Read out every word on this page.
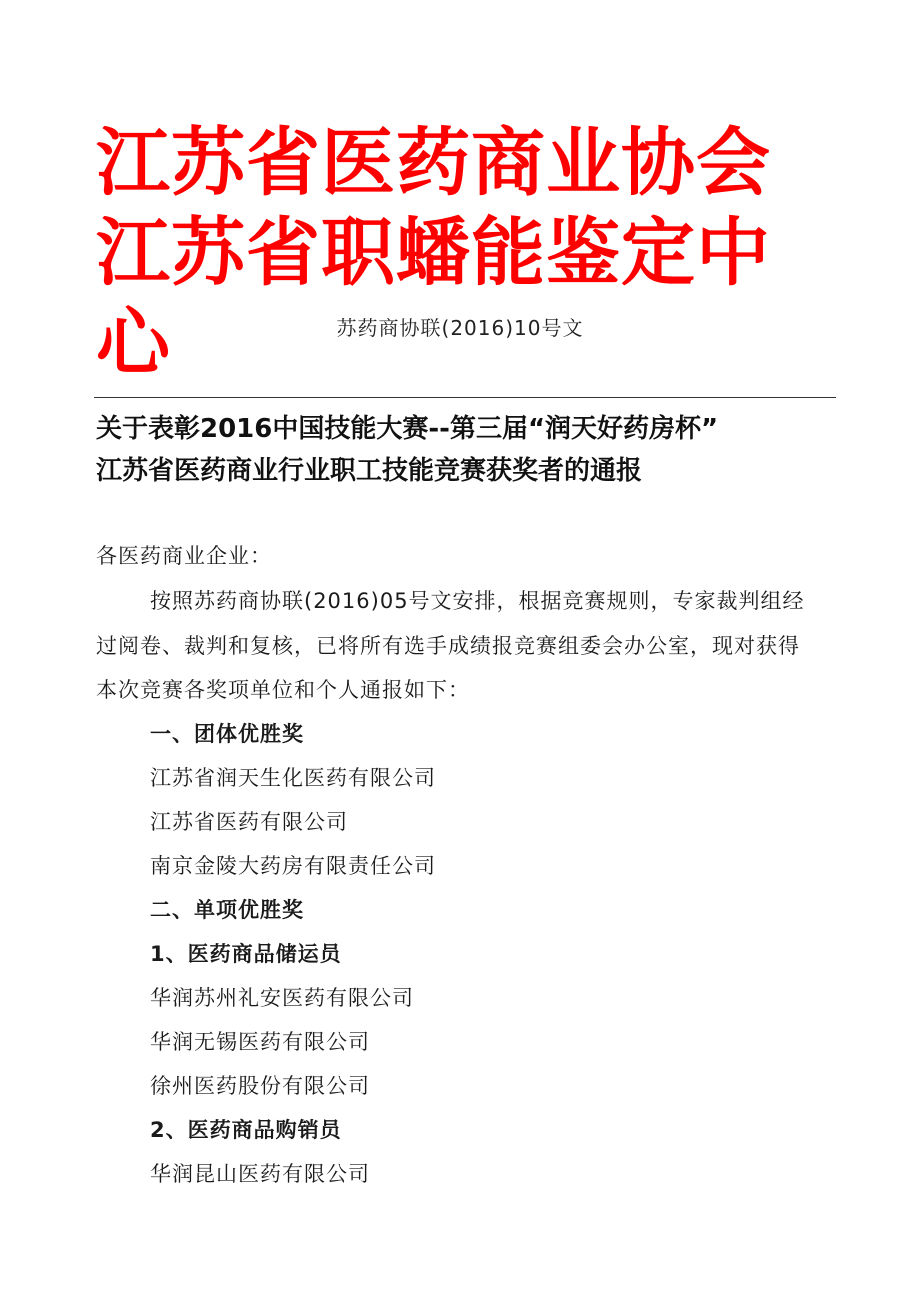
江苏省医药商业协会江苏省职蟠能鉴定中心	苏药商协联(2016)10号文
关于表彰2016中国技能大赛--第三届“润天好药房杯”
江苏省医药商业行业职工技能竞赛获奖者的通报
各医药商业企业：
按照苏药商协联(2016)05号文安排，根据竞赛规则，专家裁判组经
过阅卷、裁判和复核，已将所有选手成绩报竞赛组委会办公室，现对获得
本次竞赛各奖项单位和个人通报如下：
一、团体优胜奖
江苏省润天生化医药有限公司
江苏省医药有限公司
南京金陵大药房有限责任公司
二、单项优胜奖
1、医药商品储运员
华润苏州礼安医药有限公司
华润无锡医药有限公司
徐州医药股份有限公司
2、医药商品购销员
华润昆山医药有限公司
